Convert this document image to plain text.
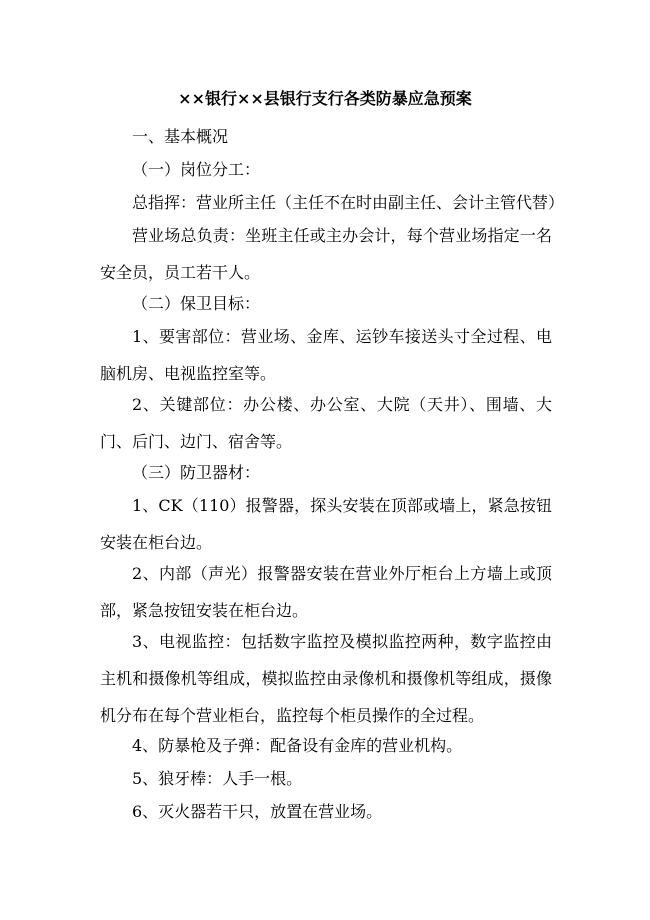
××银行××县银行支行各类防暴应急预案
一、基本概况
（一）岗位分工：
总指挥：营业所主任（主任不在时由副主任、会计主管代替）
营业场总负责：坐班主任或主办会计，每个营业场指定一名安全员，员工若干人。
（二）保卫目标：
1、要害部位：营业场、金库、运钞车接送头寸全过程、电脑机房、电视监控室等。
2、关键部位：办公楼、办公室、大院（天井）、围墙、大门、后门、边门、宿舍等。
（三）防卫器材：
1、CK（110）报警器，探头安装在顶部或墙上，紧急按钮安装在柜台边。
2、内部（声光）报警器安装在营业外厅柜台上方墙上或顶部，紧急按钮安装在柜台边。
3、电视监控：包括数字监控及模拟监控两种，数字监控由主机和摄像机等组成，模拟监控由录像机和摄像机等组成，摄像机分布在每个营业柜台，监控每个柜员操作的全过程。
4、防暴枪及子弹：配备设有金库的营业机构。
5、狼牙棒：人手一根。
6、灭火器若干只，放置在营业场。
